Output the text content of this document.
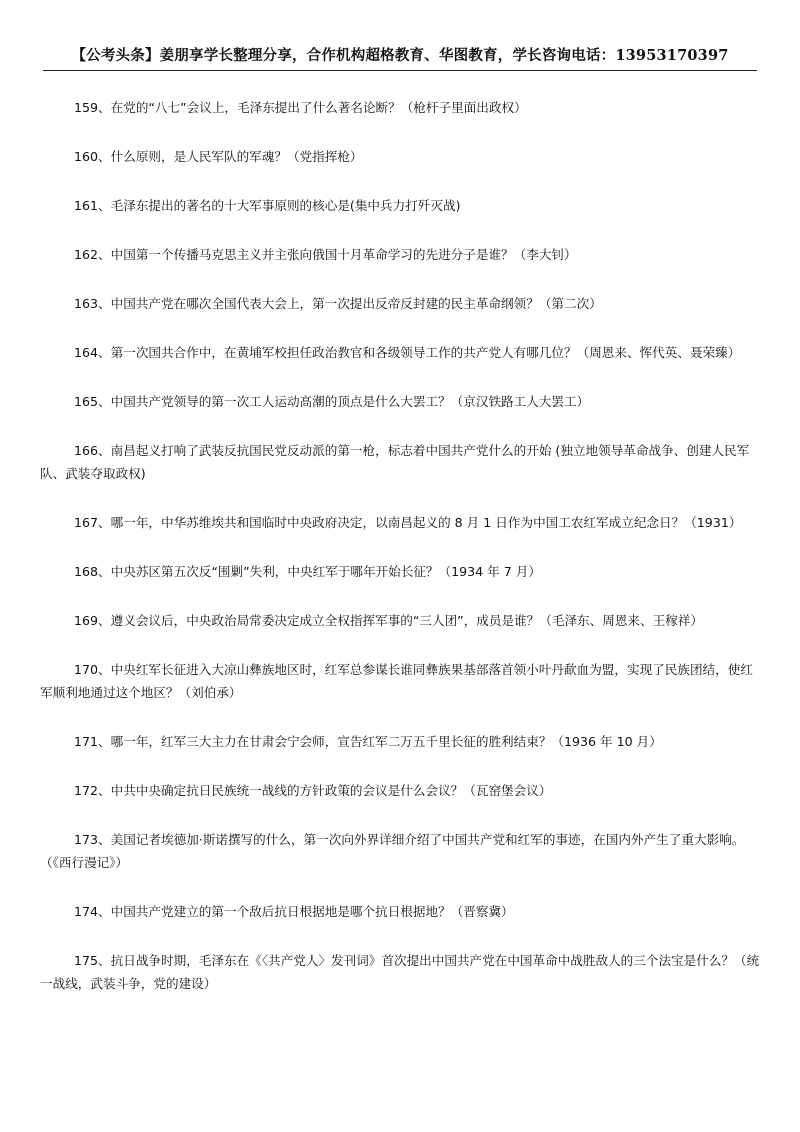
【公考头条】姜朋享学长整理分享，合作机构超格教育、华图教育，学长咨询电话：13953170397

159、在党的“八七”会议上，毛泽东提出了什么著名论断？（枪杆子里面出政权）

160、什么原则，是人民军队的军魂？（党指挥枪）

161、毛泽东提出的著名的十大军事原则的核心是(集中兵力打歼灭战)

162、中国第一个传播马克思主义并主张向俄国十月革命学习的先进分子是谁？（李大钊）

163、中国共产党在哪次全国代表大会上，第一次提出反帝反封建的民主革命纲领？（第二次）

164、第一次国共合作中，在黄埔军校担任政治教官和各级领导工作的共产党人有哪几位？（周恩来、恽代英、聂荣臻）

165、中国共产党领导的第一次工人运动高潮的顶点是什么大罢工？（京汉铁路工人大罢工）

166、南昌起义打响了武装反抗国民党反动派的第一枪，标志着中国共产党什么的开始 (独立地领导革命战争、创建人民军队、武装夺取政权)

167、哪一年，中华苏维埃共和国临时中央政府决定，以南昌起义的 8 月 1 日作为中国工农红军成立纪念日？（1931）

168、中央苏区第五次反“围剿”失利，中央红军于哪年开始长征？（1934 年 7 月）

169、遵义会议后，中央政治局常委决定成立全权指挥军事的“三人团”，成员是谁？（毛泽东、周恩来、王稼祥）

170、中央红军长征进入大凉山彝族地区时，红军总参谋长谁同彝族果基部落首领小叶丹歃血为盟，实现了民族团结，使红军顺利地通过这个地区？（刘伯承）

171、哪一年，红军三大主力在甘肃会宁会师，宣告红军二万五千里长征的胜利结束？（1936 年 10 月）

172、中共中央确定抗日民族统一战线的方针政策的会议是什么会议？（瓦窑堡会议）

173、美国记者埃德加·斯诺撰写的什么，第一次向外界详细介绍了中国共产党和红军的事迹，在国内外产生了重大影响。（《西行漫记》）

174、中国共产党建立的第一个敌后抗日根据地是哪个抗日根据地？（晋察冀）

175、抗日战争时期，毛泽东在《〈共产党人〉发刊词》首次提出中国共产党在中国革命中战胜敌人的三个法宝是什么？（统一战线，武装斗争，党的建设）
